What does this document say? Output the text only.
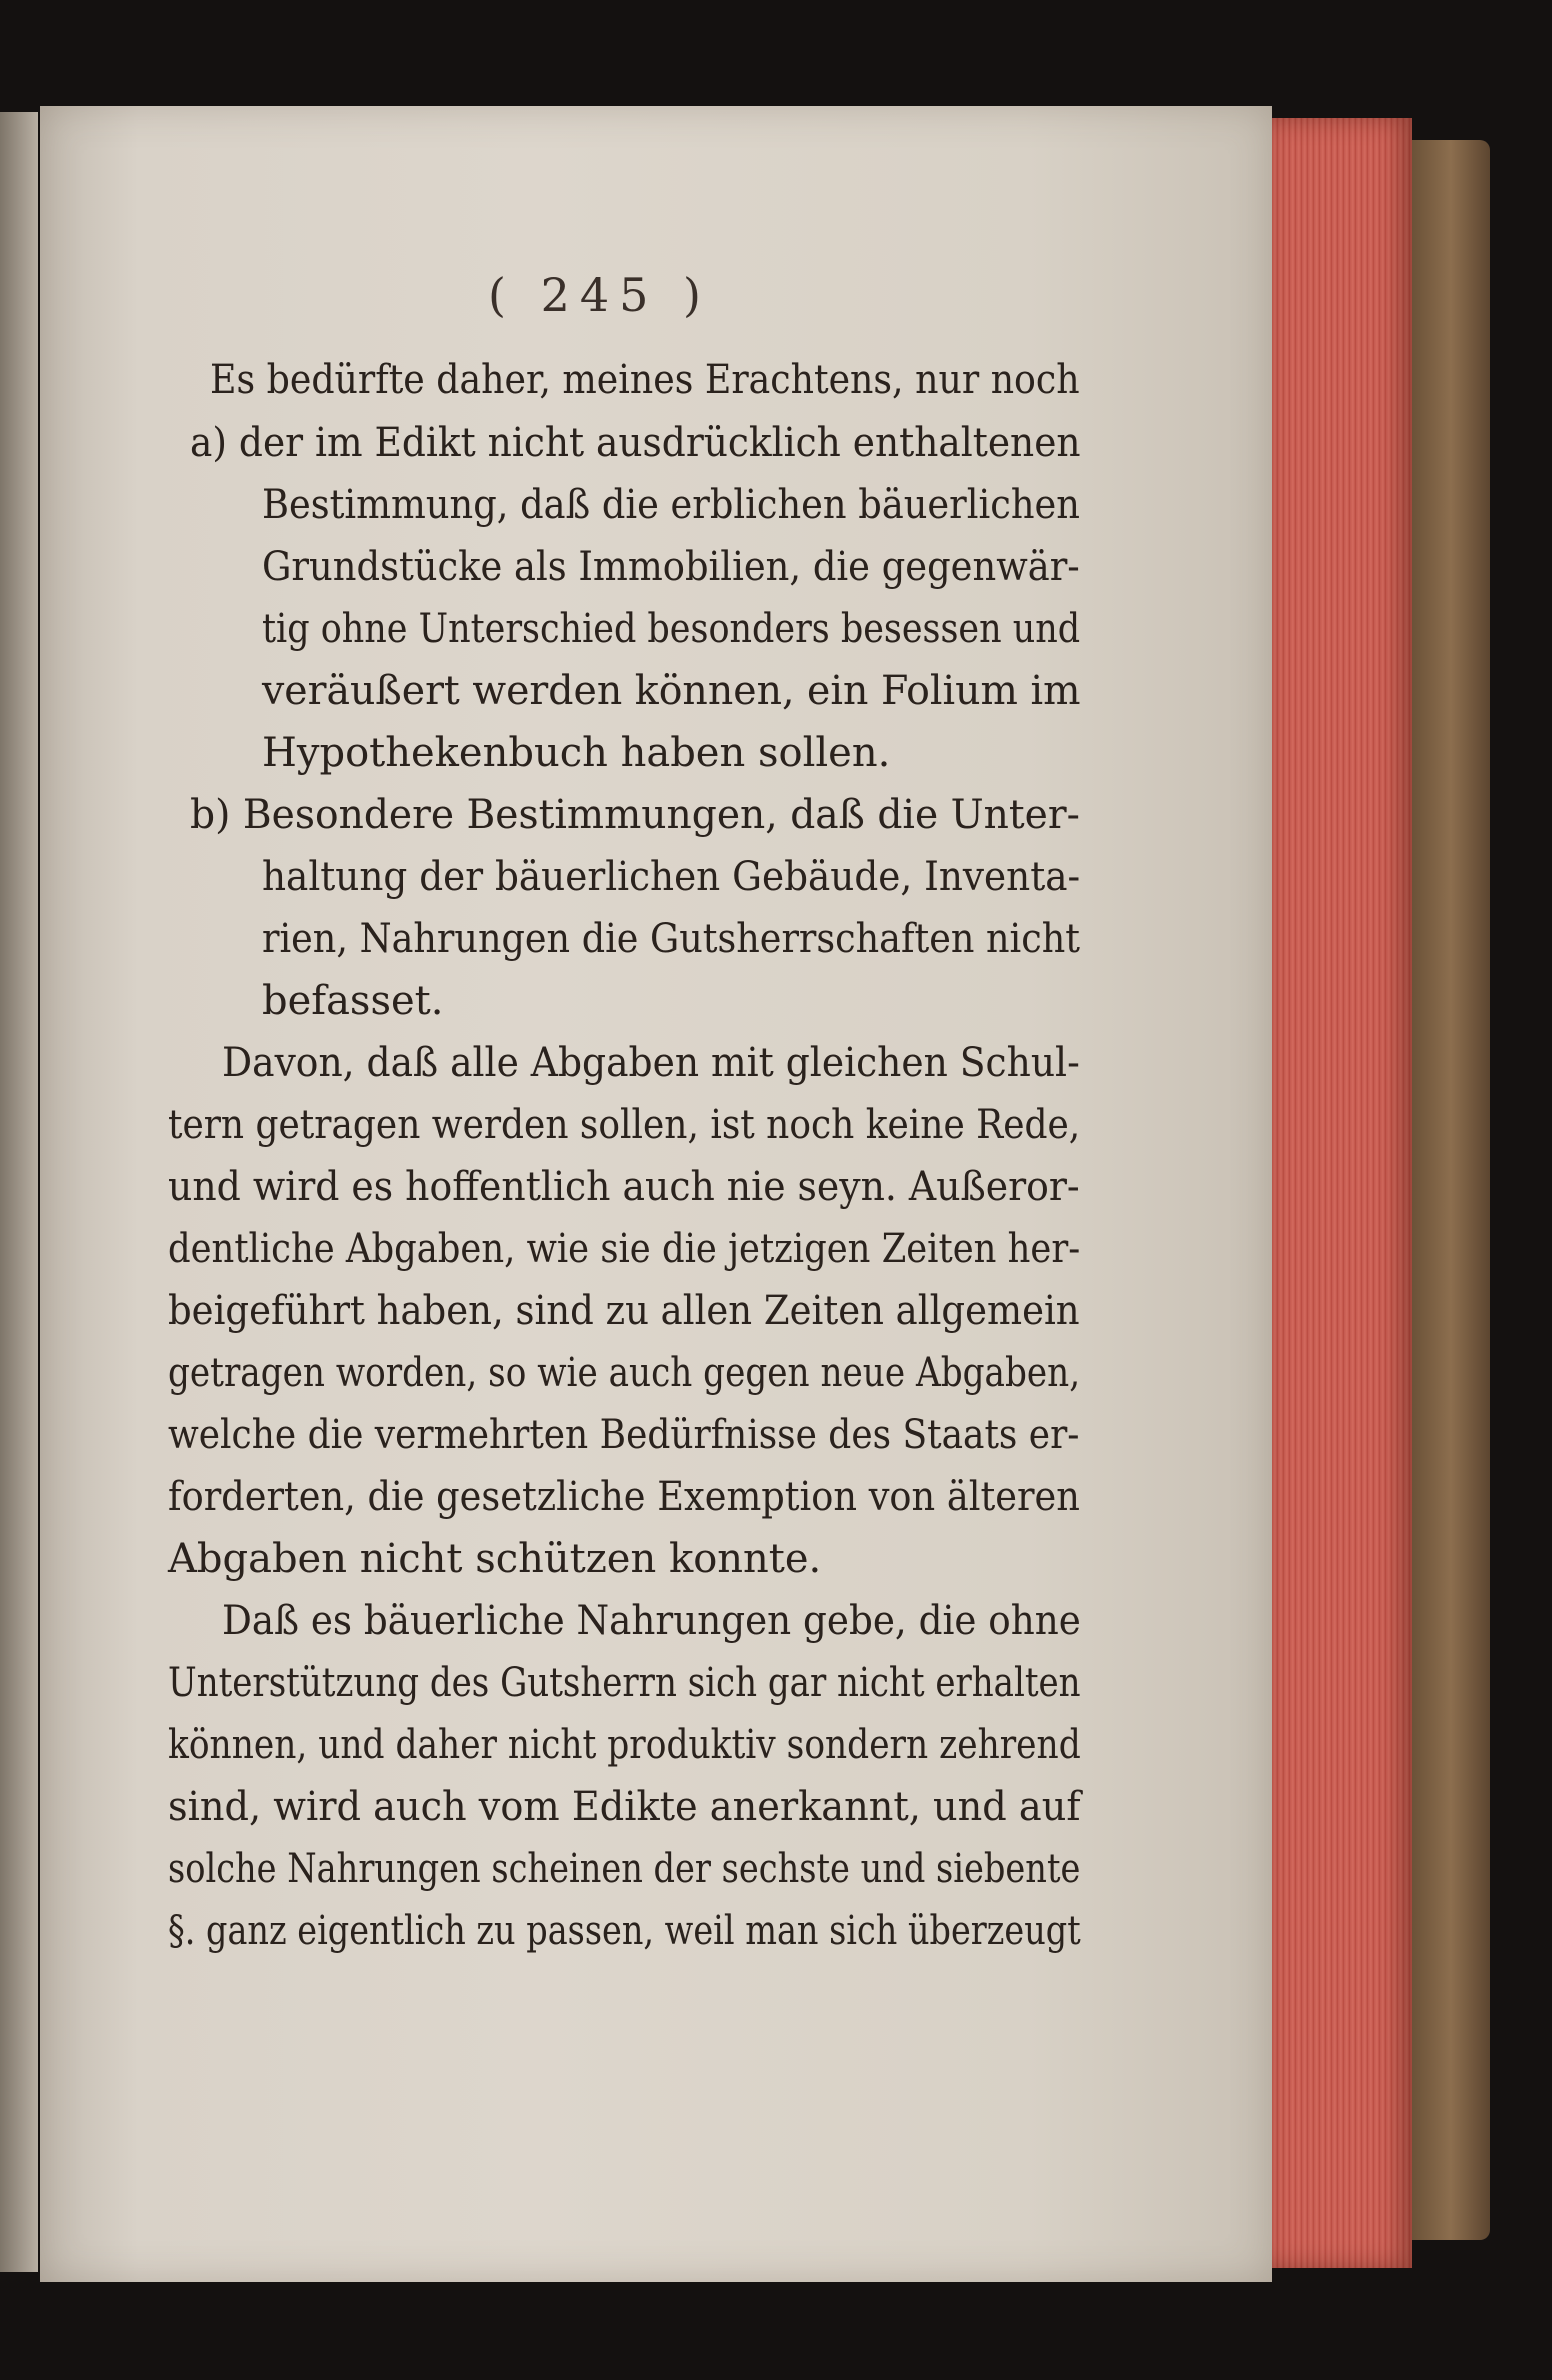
( 245 )
Es bedürfte daher, meines Erachtens, nur noch
a) der im Edikt nicht ausdrücklich enthaltenen
Bestimmung, daß die erblichen bäuerlichen
Grundstücke als Immobilien, die gegenwär-
tig ohne Unterschied besonders besessen und
veräußert werden können, ein Folium im
Hypothekenbuch haben sollen.
b) Besondere Bestimmungen, daß die Unter-
haltung der bäuerlichen Gebäude, Inventa-
rien, Nahrungen die Gutsherrschaften nicht
befasset.
Davon, daß alle Abgaben mit gleichen Schul-
tern getragen werden sollen, ist noch keine Rede,
und wird es hoffentlich auch nie seyn. Außeror-
dentliche Abgaben, wie sie die jetzigen Zeiten her-
beigeführt haben, sind zu allen Zeiten allgemein
getragen worden, so wie auch gegen neue Abgaben,
welche die vermehrten Bedürfnisse des Staats er-
forderten, die gesetzliche Exemption von älteren
Abgaben nicht schützen konnte.
Daß es bäuerliche Nahrungen gebe, die ohne
Unterstützung des Gutsherrn sich gar nicht erhalten
können, und daher nicht produktiv sondern zehrend
sind, wird auch vom Edikte anerkannt, und auf
solche Nahrungen scheinen der sechste und siebente
§. ganz eigentlich zu passen, weil man sich überzeugt
